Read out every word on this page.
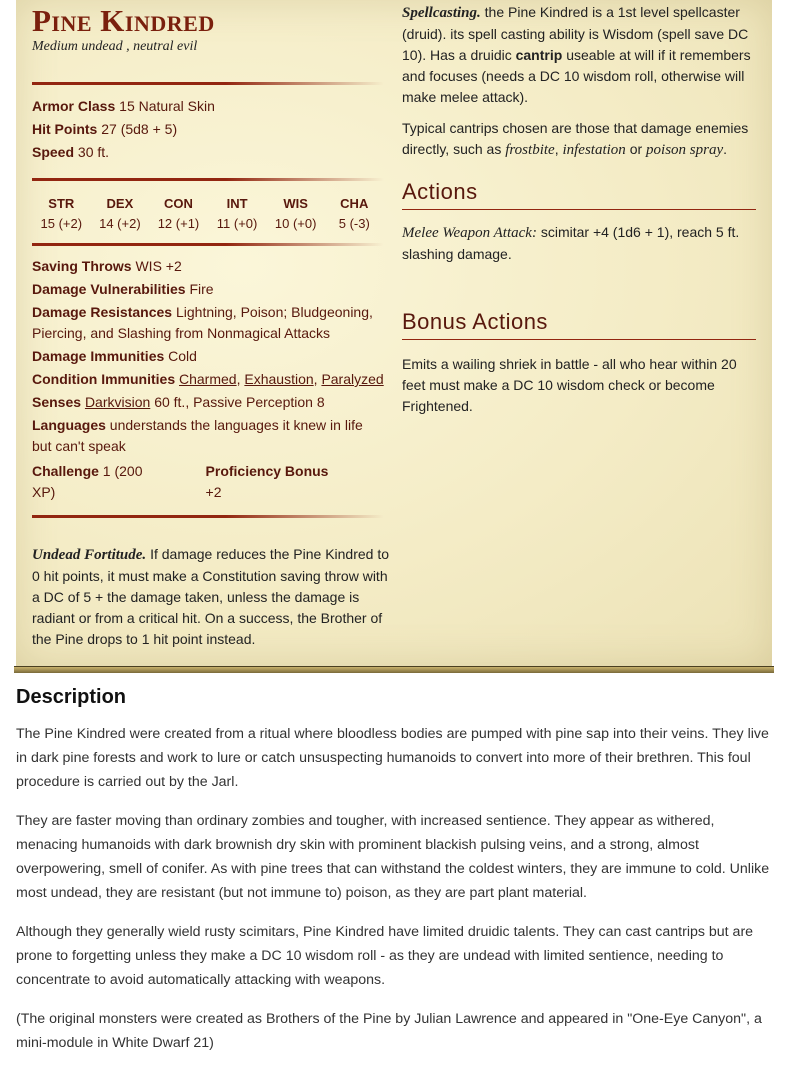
Pine Kindred
Medium undead , neutral evil
Armor Class 15 Natural Skin
Hit Points 27 (5d8 + 5)
Speed 30 ft.
STR
15 (+2)
DEX
14 (+2)
CON
12 (+1)
INT
11 (+0)
WIS
10 (+0)
CHA
5 (-3)
Saving Throws WIS +2
Damage Vulnerabilities Fire
Damage Resistances Lightning, Poison; Bludgeoning, Piercing, and Slashing from Nonmagical Attacks
Damage Immunities Cold
Condition Immunities Charmed, Exhaustion, Paralyzed
Senses Darkvision 60 ft., Passive Perception 8
Languages understands the languages it knew in life but can't speak
Challenge 1 (200 XP)
Proficiency Bonus +2
Undead Fortitude. If damage reduces the Pine Kindred to 0 hit points, it must make a Constitution saving throw with a DC of 5 + the damage taken, unless the damage is radiant or from a critical hit. On a success, the Brother of the Pine drops to 1 hit point instead.
Spellcasting. the Pine Kindred is a 1st level spellcaster (druid). its spell casting ability is Wisdom (spell save DC 10). Has a druidic cantrip useable at will if it remembers and focuses (needs a DC 10 wisdom roll, otherwise will make melee attack).
Typical cantrips chosen are those that damage enemies directly, such as frostbite, infestation or poison spray.
Actions
Melee Weapon Attack: scimitar +4 (1d6 + 1), reach 5 ft. slashing damage.
Bonus Actions
Emits a wailing shriek in battle - all who hear within 20 feet must make a DC 10 wisdom check or become Frightened.
Description

The Pine Kindred were created from a ritual where bloodless bodies are pumped with pine sap into their veins. They live in dark pine forests and work to lure or catch unsuspecting humanoids to convert into more of their brethren. This foul procedure is carried out by the Jarl.

They are faster moving than ordinary zombies and tougher, with increased sentience. They appear as withered, menacing humanoids with dark brownish dry skin with prominent blackish pulsing veins, and a strong, almost overpowering, smell of conifer. As with pine trees that can withstand the coldest winters, they are immune to cold. Unlike most undead, they are resistant (but not immune to) poison, as they are part plant material.

Although they generally wield rusty scimitars, Pine Kindred have limited druidic talents. They can cast cantrips but are prone to forgetting unless they make a DC 10 wisdom roll - as they are undead with limited sentience, needing to concentrate to avoid automatically attacking with weapons.

(The original monsters were created as Brothers of the Pine by Julian Lawrence and appeared in "One-Eye Canyon", a mini-module in White Dwarf 21)
